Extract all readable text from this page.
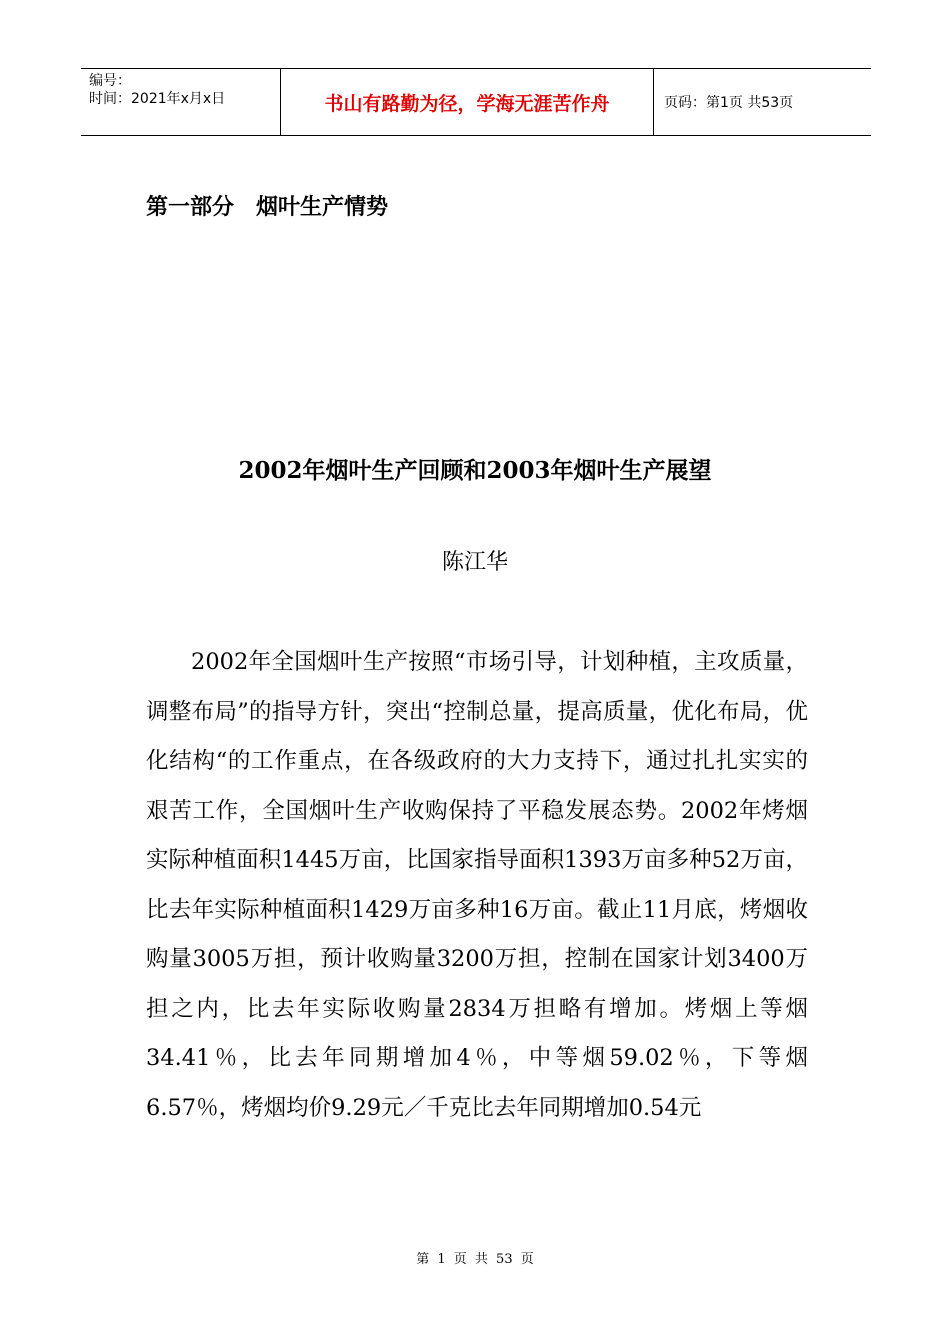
编号：
时间：2021年x月x日	书山有路勤为径，学海无涯苦作舟	页码：第1页 共53页
第一部分　烟叶生产情势
2002年烟叶生产回顾和2003年烟叶生产展望
陈江华

2002年全国烟叶生产按照“市场引导，计划种植，主攻质量，调整布局”的指导方针，突出“控制总量，提高质量，优化布局，优化结构“的工作重点，在各级政府的大力支持下，通过扎扎实实的艰苦工作，全国烟叶生产收购保持了平稳发展态势。2002年烤烟实际种植面积1445万亩，比国家指导面积1393万亩多种52万亩，比去年实际种植面积1429万亩多种16万亩。截止11月底，烤烟收购量3005万担，预计收购量3200万担，控制在国家计划3400万担之内，比去年实际收购量2834万担略有增加。烤烟上等烟34.41％，比去年同期增加4％，中等烟59.02％，下等烟6.57％，烤烟均价9.29元／千克比去年同期增加0.54元

第 1 页 共 53 页
